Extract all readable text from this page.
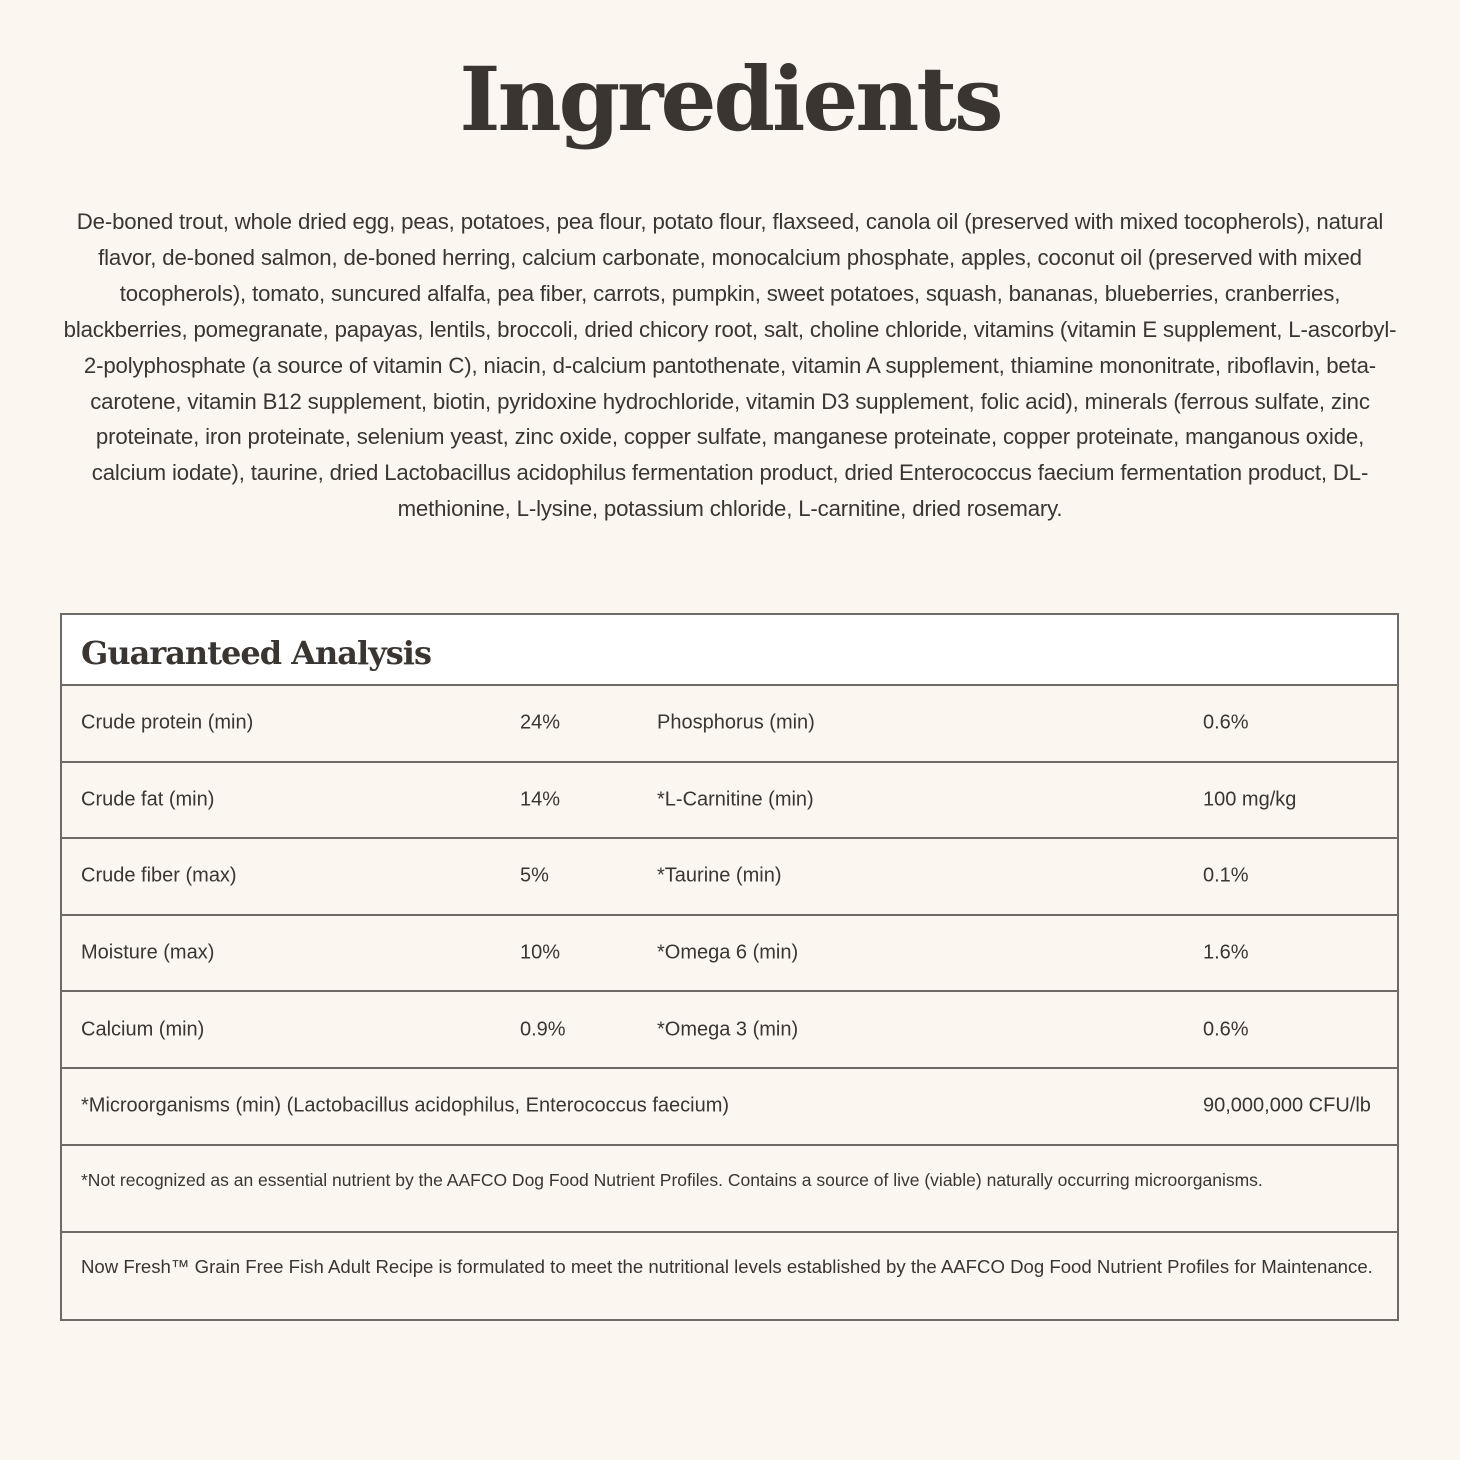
Ingredients

De-boned trout, whole dried egg, peas, potatoes, pea flour, potato flour, flaxseed, canola oil (preserved with mixed tocopherols), natural flavor, de-boned salmon, de-boned herring, calcium carbonate, monocalcium phosphate, apples, coconut oil (preserved with mixed tocopherols), tomato, suncured alfalfa, pea fiber, carrots, pumpkin, sweet potatoes, squash, bananas, blueberries, cranberries, blackberries, pomegranate, papayas, lentils, broccoli, dried chicory root, salt, choline chloride, vitamins (vitamin E supplement, L-ascorbyl-2-polyphosphate (a source of vitamin C), niacin, d-calcium pantothenate, vitamin A supplement, thiamine mononitrate, riboflavin, beta-carotene, vitamin B12 supplement, biotin, pyridoxine hydrochloride, vitamin D3 supplement, folic acid), minerals (ferrous sulfate, zinc proteinate, iron proteinate, selenium yeast, zinc oxide, copper sulfate, manganese proteinate, copper proteinate, manganous oxide, calcium iodate), taurine, dried Lactobacillus acidophilus fermentation product, dried Enterococcus faecium fermentation product, DL-methionine, L-lysine, potassium chloride, L-carnitine, dried rosemary.

Guaranteed Analysis
Crude protein (min)	24%	Phosphorus (min)	0.6%
Crude fat (min)	14%	*L-Carnitine (min)	100 mg/kg
Crude fiber (max)	5%	*Taurine (min)	0.1%
Moisture (max)	10%	*Omega 6 (min)	1.6%
Calcium (min)	0.9%	*Omega 3 (min)	0.6%
*Microorganisms (min) (Lactobacillus acidophilus, Enterococcus faecium)	90,000,000 CFU/lb

*Not recognized as an essential nutrient by the AAFCO Dog Food Nutrient Profiles. Contains a source of live (viable) naturally occurring microorganisms.

Now Fresh™ Grain Free Fish Adult Recipe is formulated to meet the nutritional levels established by the AAFCO Dog Food Nutrient Profiles for Maintenance.
